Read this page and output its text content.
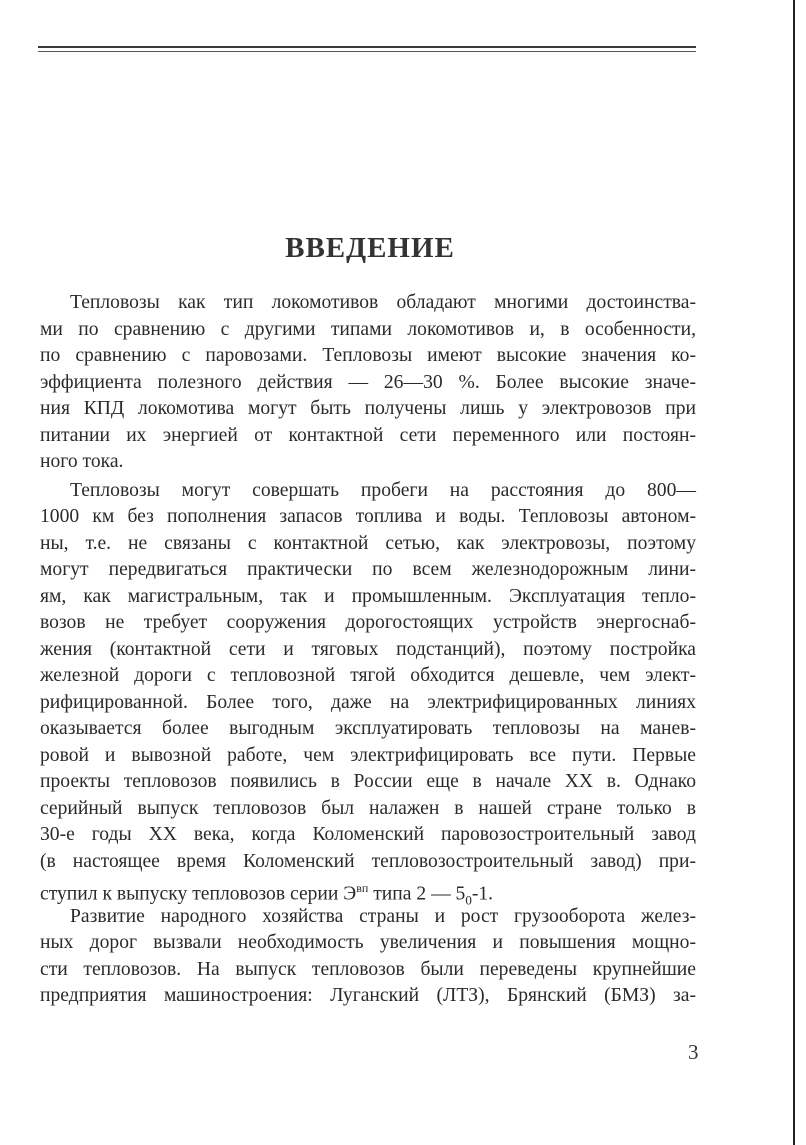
ВВЕДЕНИЕ
Тепловозы как тип локомотивов обладают многими достоинства-
ми по сравнению с другими типами локомотивов и, в особенности,
по сравнению с паровозами. Тепловозы имеют высокие значения ко-
эффициента полезного действия — 26—30 %. Более высокие значе-
ния КПД локомотива могут быть получены лишь у электровозов при
питании их энергией от контактной сети переменного или постоян-
ного тока.
Тепловозы могут совершать пробеги на расстояния до 800—
1000 км без пополнения запасов топлива и воды. Тепловозы автоном-
ны, т.е. не связаны с контактной сетью, как электровозы, поэтому
могут передвигаться практически по всем железнодорожным лини-
ям, как магистральным, так и промышленным. Эксплуатация тепло-
возов не требует сооружения дорогостоящих устройств энергоснаб-
жения (контактной сети и тяговых подстанций), поэтому постройка
железной дороги с тепловозной тягой обходится дешевле, чем элект-
рифицированной. Более того, даже на электрифицированных линиях
оказывается более выгодным эксплуатировать тепловозы на манев-
ровой и вывозной работе, чем электрифицировать все пути. Первые
проекты тепловозов появились в России еще в начале XX в. Однако
серийный выпуск тепловозов был налажен в нашей стране только в
30-е годы XX века, когда Коломенский паровозостроительный завод
(в настоящее время Коломенский тепловозостроительный завод) при-
ступил к выпуску тепловозов серии $Э^{вп}$ типа 2 — $5_0-1$.
Развитие народного хозяйства страны и рост грузооборота желез-
ных дорог вызвали необходимость увеличения и повышения мощно-
сти тепловозов. На выпуск тепловозов были переведены крупнейшие
предприятия машиностроения: Луганский (ЛТЗ), Брянский (БМЗ) за-
3
